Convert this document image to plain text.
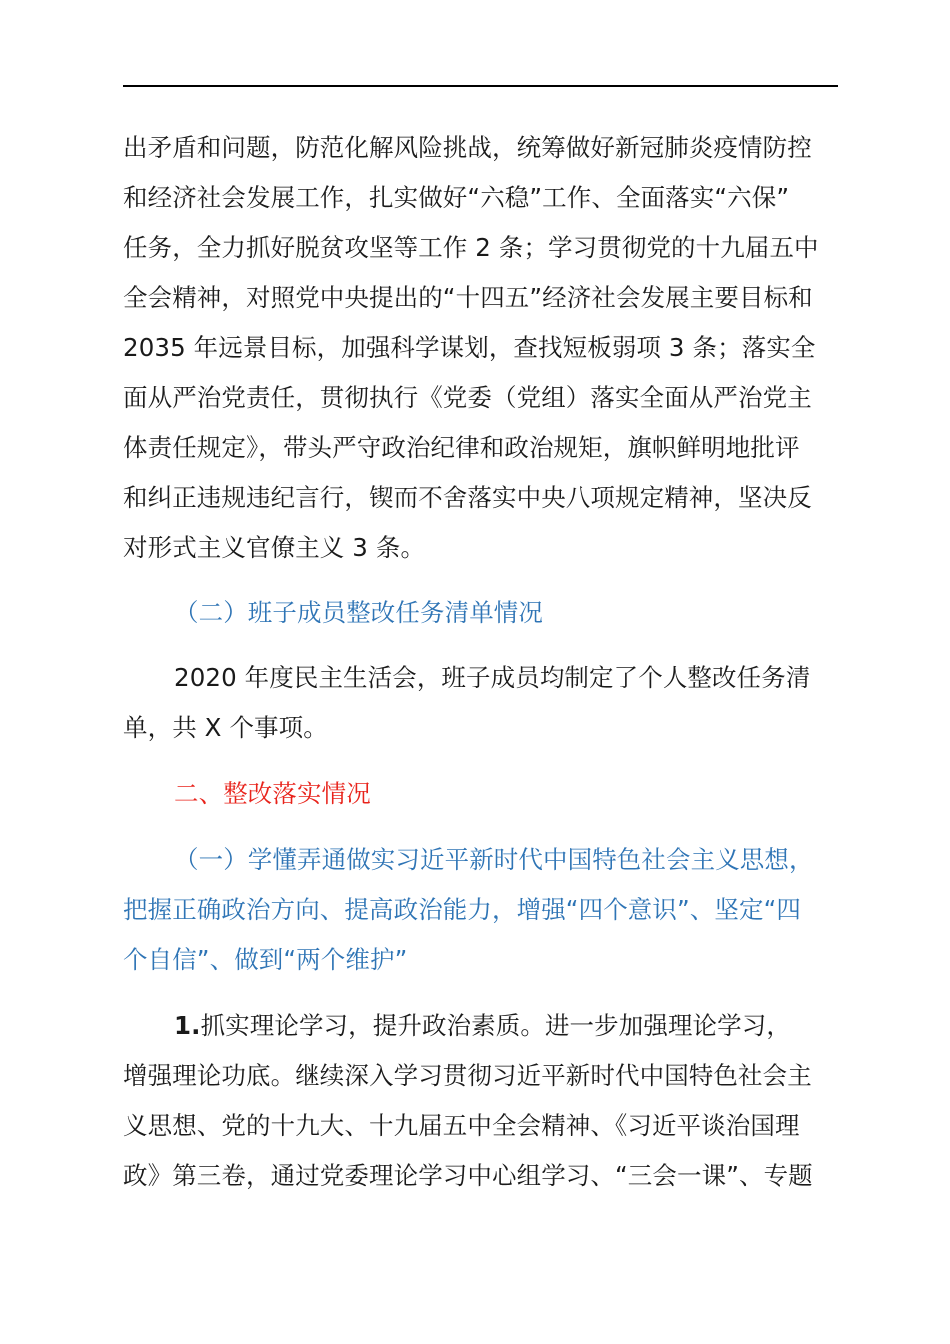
出矛盾和问题，防范化解风险挑战，统筹做好新冠肺炎疫情防控
和经济社会发展工作，扎实做好“六稳”工作、全面落实“六保”
任务，全力抓好脱贫攻坚等工作 2 条；学习贯彻党的十九届五中
全会精神，对照党中央提出的“十四五”经济社会发展主要目标和
2035 年远景目标，加强科学谋划，查找短板弱项 3 条；落实全
面从严治党责任，贯彻执行《党委（党组）落实全面从严治党主
体责任规定》，带头严守政治纪律和政治规矩，旗帜鲜明地批评
和纠正违规违纪言行，锲而不舍落实中央八项规定精神，坚决反
对形式主义官僚主义 3 条。
（二）班子成员整改任务清单情况
2020 年度民主生活会，班子成员均制定了个人整改任务清
单，共 X 个事项。
二、整改落实情况
（一）学懂弄通做实习近平新时代中国特色社会主义思想，
把握正确政治方向、提高政治能力，增强“四个意识”、坚定“四
个自信”、做到“两个维护”
1.抓实理论学习，提升政治素质。进一步加强理论学习，
增强理论功底。继续深入学习贯彻习近平新时代中国特色社会主
义思想、党的十九大、十九届五中全会精神、《习近平谈治国理
政》第三卷，通过党委理论学习中心组学习、“三会一课”、专题
